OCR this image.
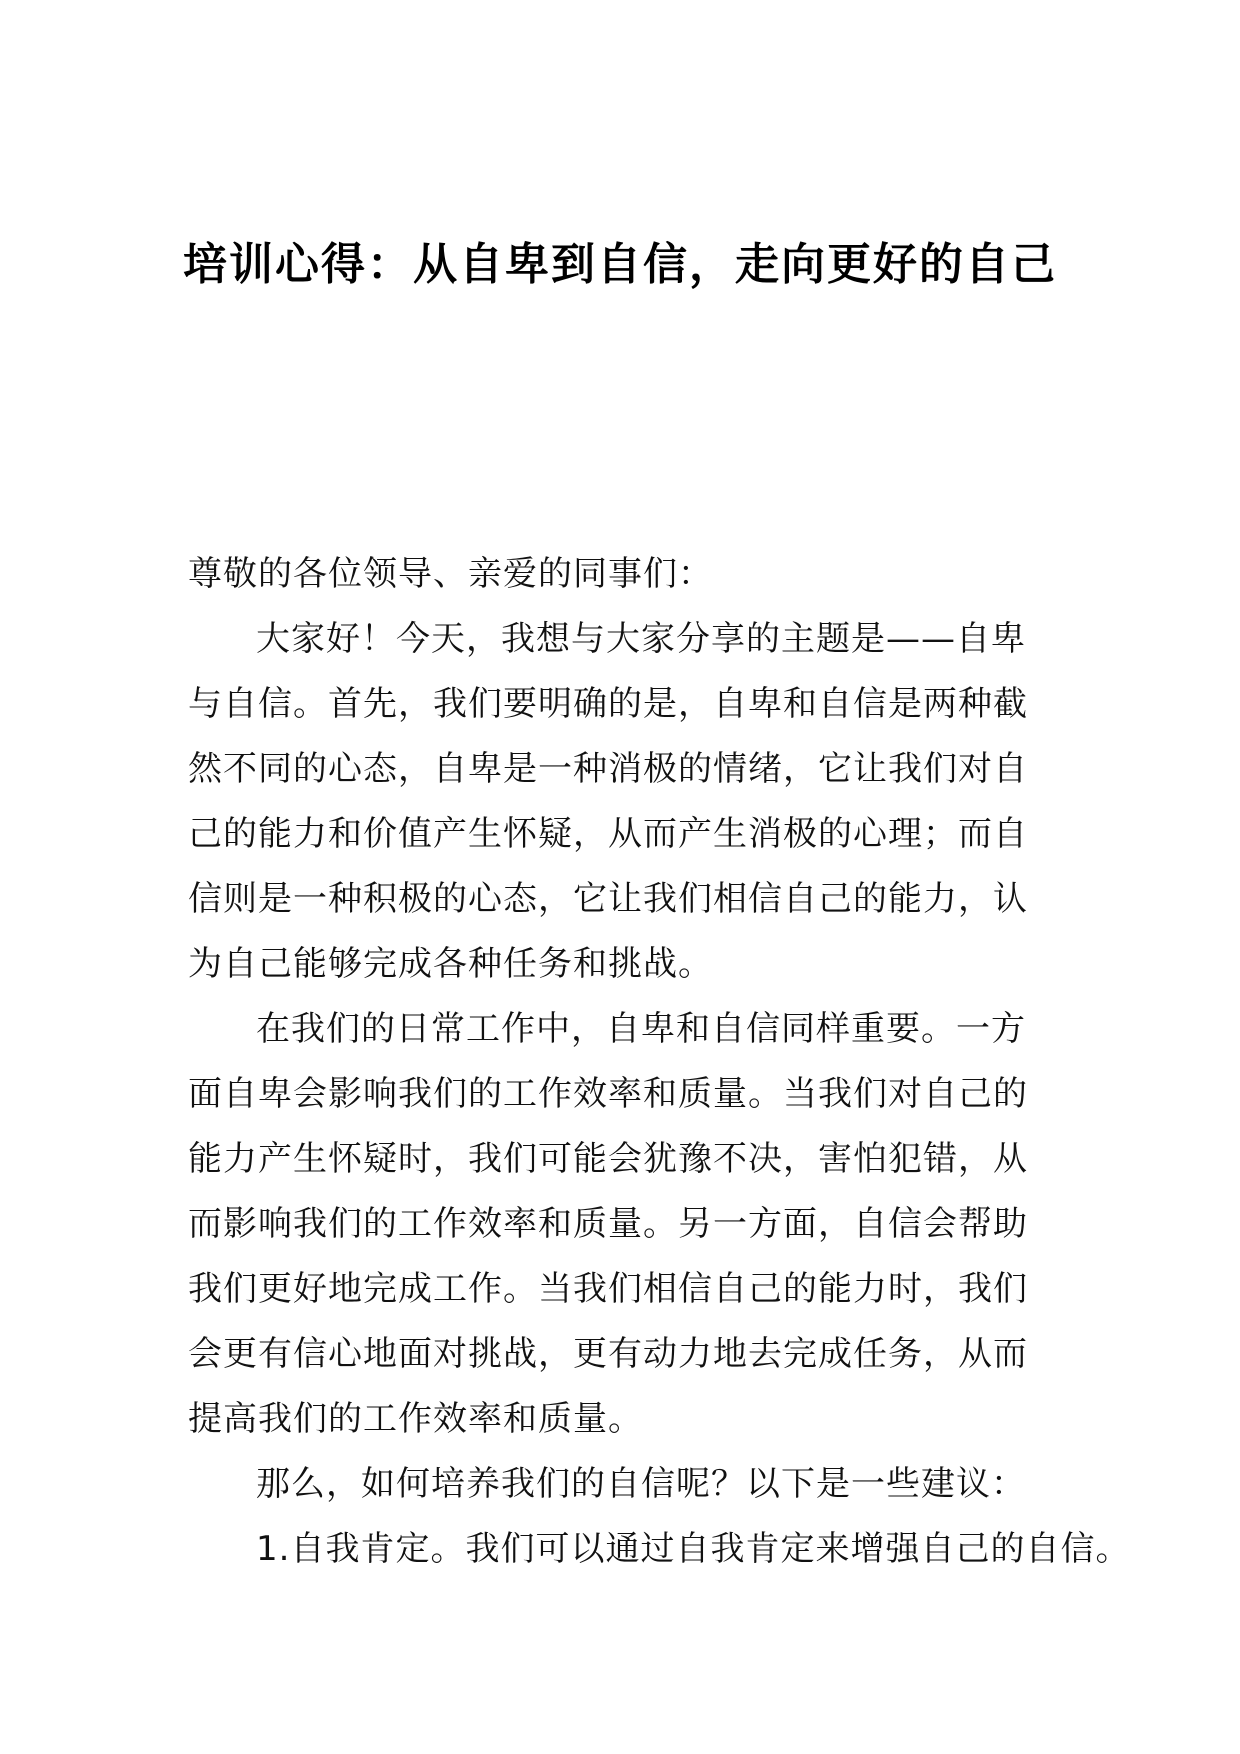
培训心得：从自卑到自信，走向更好的自己

尊敬的各位领导、亲爱的同事们：

大家好！今天，我想与大家分享的主题是——自卑与自信。首先，我们要明确的是，自卑和自信是两种截然不同的心态，自卑是一种消极的情绪，它让我们对自己的能力和价值产生怀疑，从而产生消极的心理；而自信则是一种积极的心态，它让我们相信自己的能力，认为自己能够完成各种任务和挑战。

在我们的日常工作中，自卑和自信同样重要。一方面自卑会影响我们的工作效率和质量。当我们对自己的能力产生怀疑时，我们可能会犹豫不决，害怕犯错，从而影响我们的工作效率和质量。另一方面，自信会帮助我们更好地完成工作。当我们相信自己的能力时，我们会更有信心地面对挑战，更有动力地去完成任务，从而提高我们的工作效率和质量。

那么，如何培养我们的自信呢？以下是一些建议：

1.自我肯定。我们可以通过自我肯定来增强自己的自信。
